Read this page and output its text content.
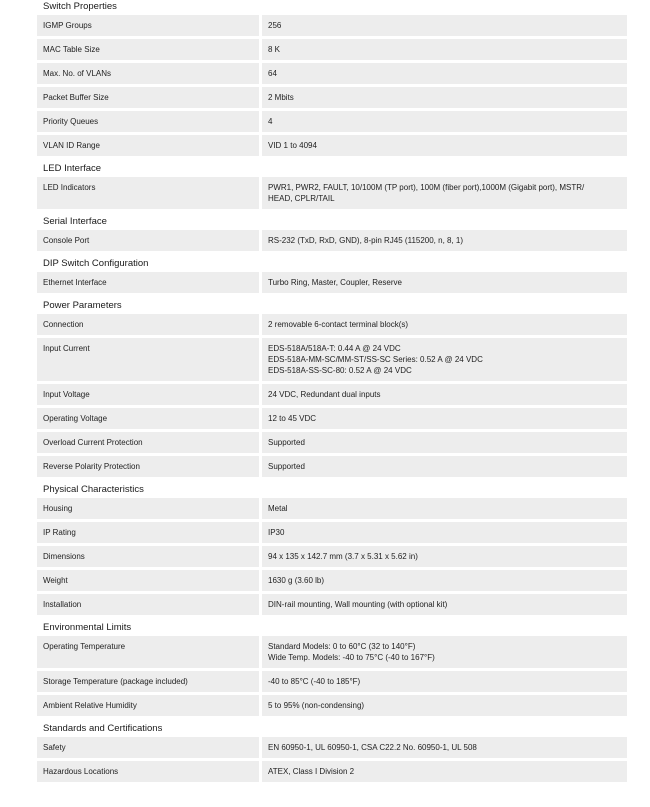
Switch Properties
IGMP Groups	256
MAC Table Size	8 K
Max. No. of VLANs	64
Packet Buffer Size	2 Mbits
Priority Queues	4
VLAN ID Range	VID 1 to 4094
LED Interface
LED Indicators	PWR1, PWR2, FAULT, 10/100M (TP port), 100M (fiber port),1000M (Gigabit port), MSTR/
HEAD, CPLR/TAIL
Serial Interface
Console Port	RS-232 (TxD, RxD, GND), 8-pin RJ45 (115200, n, 8, 1)
DIP Switch Configuration
Ethernet Interface	Turbo Ring, Master, Coupler, Reserve
Power Parameters
Connection	2 removable 6-contact terminal block(s)
Input Current	EDS-518A/518A-T: 0.44 A @ 24 VDC
EDS-518A-MM-SC/MM-ST/SS-SC Series: 0.52 A @ 24 VDC
EDS-518A-SS-SC-80: 0.52 A @ 24 VDC
Input Voltage	24 VDC, Redundant dual inputs
Operating Voltage	12 to 45 VDC
Overload Current Protection	Supported
Reverse Polarity Protection	Supported
Physical Characteristics
Housing	Metal
IP Rating	IP30
Dimensions	94 x 135 x 142.7 mm (3.7 x 5.31 x 5.62 in)
Weight	1630 g (3.60 lb)
Installation	DIN-rail mounting, Wall mounting (with optional kit)
Environmental Limits
Operating Temperature	Standard Models: 0 to 60°C (32 to 140°F)
Wide Temp. Models: -40 to 75°C (-40 to 167°F)
Storage Temperature (package included)	-40 to 85°C (-40 to 185°F)
Ambient Relative Humidity	5 to 95% (non-condensing)
Standards and Certifications
Safety	EN 60950-1, UL 60950-1, CSA C22.2 No. 60950-1, UL 508
Hazardous Locations	ATEX, Class I Division 2
